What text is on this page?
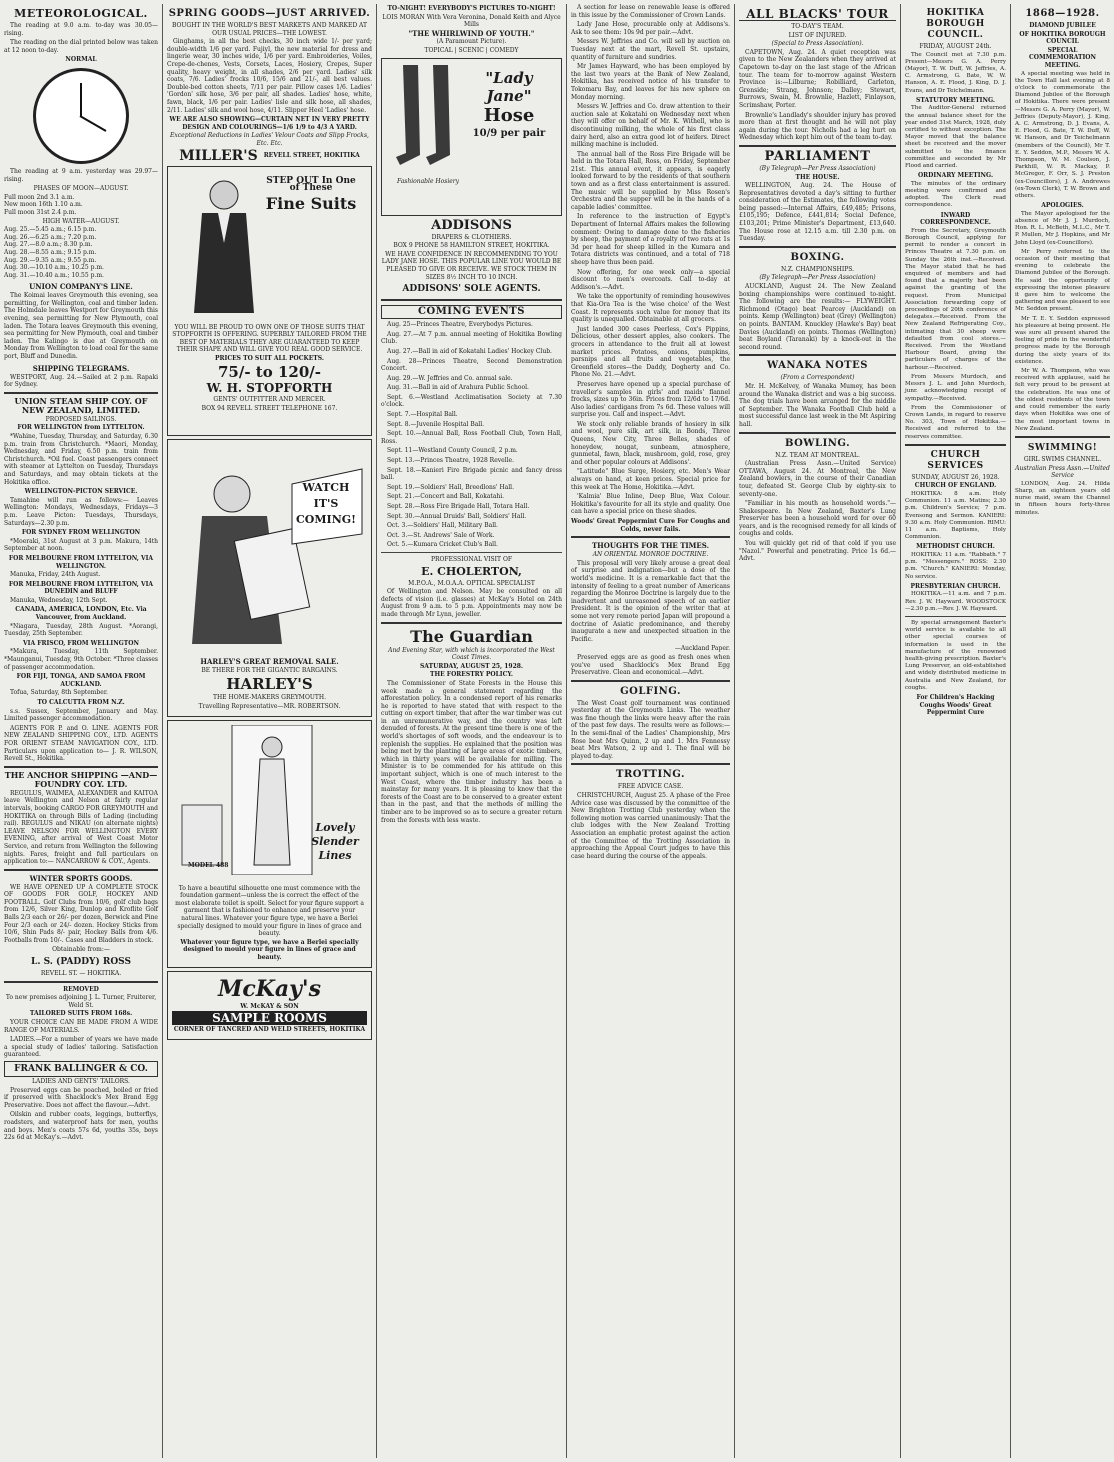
METEOROLOGICAL.

The reading at 9.0 a.m. to-day was 30.05—rising.

The reading on the dial printed below was taken at 12 noon to-day.

NORMAL

The reading at 9 a.m. yesterday was 29.97—rising.

PHASES OF MOON—AUGUST.
Full moon 2nd 3.1 a.m.
New moon 16th 1.10 a.m.
Full moon 31st 2.4 p.m.
HIGH WATER—AUGUST.
Aug. 25.—5.45 a.m.; 6.15 p.m.
Aug. 26.—6.25 a.m.; 7.20 p.m.
Aug. 27.—8.0 a.m.; 8.30 p.m.
Aug. 28.—8.55 a.m.; 9.15 p.m.
Aug. 29.—9.35 a.m.; 9.55 p.m.
Aug. 30.—10.10 a.m.; 10.25 p.m.
Aug. 31.—10.40 a.m.; 10.55 p.m.
UNION COMPANY'S LINE.

The Koimai leaves Greymouth this evening, sea permitting, for Wellington, coal and timber laden. The Holmdale leaves Westport for Greymouth this evening, sea permitting for New Plymouth, coal laden. The Totara leaves Greymouth this evening, sea permitting for New Plymouth, coal and timber laden. The Kalingo is due at Greymouth on Monday from Wellington to load coal for the same port, Bluff and Dunedin.

SHIPPING TELEGRAMS.

WESTPORT, Aug. 24.—Sailed at 2 p.m. Rapaki for Sydney.

UNION STEAM SHIP COY. OF NEW ZEALAND, LIMITED.
PROPOSED SAILINGS.
FOR WELLINGTON from LYTTELTON.

*Wahine, Tuesday, Thursday, and Saturday, 6.30 p.m. train from Christchurch. *Maori, Monday, Wednesday, and Friday, 6.50 p.m. train from Christchurch. *Oil fuel. Coast passengers connect with steamer at Lyttelton on Tuesday, Thursdays and Saturdays, and may obtain tickets at the Hokitika office.

WELLINGTON-PICTON SERVICE.

Tamahine will run as follows:— Leaves Wellington: Mondays, Wednesdays, Fridays—3 p.m. Leave Picton: Tuesdays, Thursdays, Saturdays—2.30 p.m.

FOR SYDNEY FROM WELLINGTON

*Moeraki, 31st August at 3 p.m. Makura, 14th September at noon.

FOR MELBOURNE FROM LYTTELTON, VIA WELLINGTON.

Manuka, Friday, 24th August.

FOR MELBOURNE FROM LYTTELTON, VIA DUNEDIN and BLUFF

Manuka, Wednesday, 12th Sept.

CANADA, AMERICA, LONDON, Etc. Via Vancouver, from Auckland.

*Niagara, Tuesday, 28th August. *Aorangi, Tuesday, 25th September.

VIA FRISCO, FROM WELLINGTON

*Makura, Tuesday, 11th September. *Maunganui, Tuesday, 9th October. *Three classes of passenger accommodation.

FOR FIJI, TONGA, AND SAMOA FROM AUCKLAND.

Tofua, Saturday, 8th September.

TO CALCUTTA FROM N.Z.

s.s. Sussex, September, January and May. Limited passenger accommodation.

AGENTS FOR P. and O. LINE. AGENTS FOR NEW ZEALAND SHIPPING COY., LTD. AGENTS FOR ORIENT STEAM NAVIGATION COY., LTD. Particulars upon application to— J. R. WILSON, Revell St., Hokitika.

THE ANCHOR SHIPPING —AND— FOUNDRY COY. LTD.

REGULUS, WAIMEA, ALEXANDER and KAITOA leave Wellington and Nelson at fairly regular intervals, booking CARGO FOR GREYMOUTH and HOKITIKA on through Bills of Lading (including rail). REGULUS and NIKAU (on alternate nights) LEAVE NELSON FOR WELLINGTON EVERY EVENING, after arrival of West Coast Motor Service, and return from Wellington the following nights. Fares, freight and full particulars on application to:— NANCARROW & COY., Agents.

WINTER SPORTS GOODS.

WE HAVE OPENED UP A COMPLETE STOCK OF GOODS FOR GOLF, HOCKEY AND FOOTBALL. Golf Clubs from 10/6, golf club bags from 12/6, Silver King, Dunlop and Kroflite Golf Balls 2/3 each or 26/- per dozen, Berwick and Pine Four 2/3 each or 24/- dozen. Hockey Sticks from 10/6, Shin Pads 8/- pair, Hockey Balls from 4/6. Footballs from 10/-. Cases and Bladders in stock.

Obtainable from:—
L. S. (PADDY) ROSS
REVELL ST. — HOKITIKA.
REMOVED
To new premises adjoining J. L. Turner, Fruiterer, Weld St.
TAILORED SUITS FROM 168s.

YOUR CHOICE CAN BE MADE FROM A WIDE RANGE OF MATERIALS.

LADIES.—For a number of years we have made a special study of ladies' tailoring. Satisfaction guaranteed.

FRANK BALLINGER & CO.
LADIES AND GENTS' TAILORS.

Preserved eggs can be poached, boiled or fried if preserved with Shacklock's Mex Brand Egg Preservative. Does not affect the flavour.—Advt.

Oilskin and rubber coats, leggings, butterflys, roadsters, and waterproof hats for men, youths and boys. Men's coats 57s 6d, youths 35s, boys 22s 6d at McKay's.—Advt.

SPRING GOODS—JUST ARRIVED.
BOUGHT IN THE WORLD'S BEST MARKETS AND MARKED AT OUR USUAL PRICES—THE LOWEST.

Ginghams, in all the best checks, 30 inch wide 1/- per yard; double-width 1/6 per yard. Fujiyl, the new material for dress and lingerie wear, 30 inches wide, 1/6 per yard. Embroideries, Voiles, Crepe-de-chenes, Vests, Corsets, Laces, Hosiery, Crepes, Super quality, heavy weight, in all shades, 2/6 per yard. Ladies' silk coats, 7/6. Ladies' frocks 10/6, 15/6 and 21/-, all best values. Double-bed cotton sheets, 7/11 per pair. Pillow cases 1/6. Ladies' 'Gordon' silk hose, 3/6 per pair, all shades. Ladies' hose, white, fawn, black, 1/6 per pair. Ladies' lisle and silk hose, all shades, 2/11. Ladies' silk and wool hose, 4/11. Slipper Heel 'Ladies' hose.

WE ARE ALSO SHOWING—CURTAIN NET IN VERY PRETTY DESIGN AND COLOURINGS—1/6 1/9 to 4/3 A YARD.
Exceptional Reductions in Ladies' Velour Coats and Slipp Frocks, Etc. Etc.
MILLER'S REVELL STREET, HOKITIKA
STEP OUT In One of These
Fine Suits
YOU WILL BE PROUD TO OWN ONE OF THOSE SUITS THAT STOPFORTH IS OFFERING. SUPERBLY TAILORED FROM THE BEST OF MATERIALS THEY ARE GUARANTEED TO KEEP THEIR SHAPE AND WILL GIVE YOU REAL GOOD SERVICE.
PRICES TO SUIT ALL POCKETS.
75/- to 120/-
W. H. STOPFORTH
GENTS' OUTFITTER AND MERCER.
BOX 94 REVELL STREET TELEPHONE 167.
WATCH IT'S COMING!
HARLEY'S GREAT REMOVAL SALE.
BE THERE FOR THE GIGANTIC BARGAINS.
HARLEY'S
THE HOME-MAKERS GREYMOUTH.
Travelling Representative—MR. ROBERTSON.
MODEL 488
Lovely Slender Lines
To have a beautiful silhouette one must commence with the foundation garment—unless the is correct the effect of the most elaborate toilet is spoilt. Select for your figure support a garment that is fashioned to enhance and preserve your natural lines. Whatever your figure type, we have a Berlei specially designed to mould your figure in lines of grace and beauty.
Whatever your figure type, we have a Berlei specially designed to mould your figure in lines of grace and beauty.
McKay's
W. McKAY & SON
SAMPLE ROOMS
CORNER OF TANCRED AND WELD STREETS, HOKITIKA
TO-NIGHT! EVERYBODY'S PICTURES TO-NIGHT!
LOIS MORAN With Vera Veronina, Donald Keith and Alyce Mills
"THE WHIRLWIND OF YOUTH."
(A Paramount Picture).
TOPICAL | SCENIC | COMEDY
Fashionable Hosiery
"Lady Jane"
Hose
10/9 per pair
ADDISONS
DRAPERS & CLOTHIERS.
BOX 9 PHONE 58 HAMILTON STREET, HOKITIKA.
WE HAVE CONFIDENCE IN RECOMMENDING TO YOU LADY JANE HOSE. THIS POPULAR LINE YOU WOULD BE PLEASED TO GIVE OR RECEIVE. WE STOCK THEM IN SIZES 8½ INCH TO 10 INCH.
ADDISONS' SOLE AGENTS.
COMING EVENTS

Aug. 25—Princes Theatre, Everybodys Pictures.

Aug. 27.—At 7 p.m. annual meeting of Hokitika Bowling Club.

Aug. 27.—Ball in aid of Kokatahi Ladies' Hockey Club.

Aug. 28—Princes Theatre, Second Demonstration Concert.

Aug. 29.—W. Jeffries and Co. annual sale.

Aug. 31.—Ball in aid of Arahura Public School.

Sept. 6.—Westland Acclimatisation Society at 7.30 o'clock.

Sept. 7.—Hospital Ball.

Sept. 8.—Juvenile Hospital Ball.

Sept. 10.—Annual Ball, Ross Football Club, Town Hall, Ross.

Sept. 11—Westland County Council, 2 p.m.

Sept. 13.—Princes Theatre, 1928 Revelle.

Sept. 18.—Kanieri Fire Brigade picnic and fancy dress ball.

Sept. 19.—Soldiers' Hall, Breedlons' Hall.

Sept. 21.—Concert and Ball, Kokatahi.

Sept. 28.—Ross Fire Brigade Hall, Totara Hall.

Sept. 30.—Annual Druids' Ball, Soldiers' Hall.

Oct. 3.—Soldiers' Hall, Military Ball.

Oct. 3.—St. Andrews' Sale of Work.

Oct. 5.—Kumara Cricket Club's Ball.

PROFESSIONAL VISIT OF
E. CHOLERTON,
M.P.O.A., M.O.A.A. OPTICAL SPECIALIST

Of Wellington and Nelson. May be consulted on all defects of vision (i.e. glasses) at McKay's Hotel on 24th August from 9 a.m. to 5 p.m. Appointments may now be made through Mr Lynn, jeweller.

The Guardian
And Evening Star, with which is incorporated the West Coast Times.
SATURDAY, AUGUST 25, 1928.
THE FORESTRY POLICY.

The Commissioner of State Forests in the House this week made a general statement regarding the afforestation policy. In a condensed report of his remarks he is reported to have stated that with respect to the cutting on export timber, that after the war timber was cut in an unremunerative way, and the country was left denuded of forests. At the present time there is one of the world's shortages of soft woods, and the endeavour is to replenish the supplies. He explained that the position was being met by the planting of large areas of exotic timbers, which in thirty years will be available for milling. The Minister is to be commended for his attitude on this important subject, which is one of much interest to the West Coast, where the timber industry has been a mainstay for many years. It is pleasing to know that the forests of the Coast are to be conserved to a greater extent than in the past, and that the methods of milling the timber are to be improved so as to secure a greater return from the forests with less waste.

A section for lease on renewable lease is offered in this issue by the Commissioner of Crown Lands.

Lady Jane Hose, procurable only at Addisons's. Ask to see them: 10s 9d per pair.—Advt.

Messrs W. Jeffries and Co. will sell by auction on Tuesday next at the mart, Revell St. upstairs, quantity of furniture and sundries.

Mr James Hayward, who has been employed by the last two years at the Bank of New Zealand, Hokitika, has received notice of his transfer to Tokomaru Bay, and leaves for his new sphere on Monday morning.

Messrs W. Jeffries and Co. draw attention to their auction sale at Kokatahi on Wednesday next when they will offer on behalf of Mr. K. Withell, who is discontinuing milking, the whole of his first class dairy herd, also an extra good lot of heifers. Direct milking machine is included.

The annual ball of the Ross Fire Brigade will be held in the Totara Hall, Ross, on Friday, September 21st. This annual event, it appears, is eagerly looked forward to by the residents of that southern town and as a first class entertainment is assured. The music will be supplied by Miss Rosen's Orchestra and the supper will be in the hands of a capable ladies' committee.

In reference to the instruction of Egypt's Department of Internal Affairs makes the following comment: Owing to damage done to the fisheries by sheep, the payment of a royalty of two rats at 1s 3d per head for sheep killed in the Kumara and Totara districts was continued, and a total of 718 sheep have thus been paid.

Now offering, for one week only—a special discount to men's overcoats. Call to-day at Addison's.—Advt.

We take the opportunity of reminding housewives that Kia-Ora Tea is the 'wise choice' of the West Coast. It represents such value for money that its quality is unequalled. Obtainable at all grocers.

Just landed 300 cases Peerless, Cox's Pippins, Delicious, other dessert apples, also cookers. The grocers in attendance to the fruit all at lowest market prices. Potatoes, onions, pumpkins, parsnips and all fruits and vegetables, the Greenfield stores—the Daddy, Dogherty and Co. Phone No. 21.—Advt.

Preserves have opened up a special purchase of traveller's samples in girls' and maids' flannel frocks, sizes up to 36in. Prices from 12/6d to 17/6d. Also ladies' cardigans from 7s 6d. These values will surprise you. Call and inspect.—Advt.

We stock only reliable brands of hosiery in silk and wool, pure silk, art silk, in Bonds, Three Queens, New City, Three Belles, shades of honeydew, nougat, sunbeam, atmosphere, gunmetal, fawn, black, mushroom, gold, rose, grey and other popular colours at Addisons'.

"Latitude" Blue Surge, Hosiery, etc. Men's Wear always on hand, at keen prices. Special price for this week at The Home, Hokitika.—Advt.

'Kalmia' Blue Inline, Deep Blue, Wax Colour. Hokitika's favourite for all its style and quality. One can have a special price on these shades.

Woods' Great Peppermint Cure For Coughs and Colds, never fails.
THOUGHTS FOR THE TIMES.
AN ORIENTAL MONROE DOCTRINE.

This proposal will very likely arouse a great deal of surprise and indignation—but a dose of the world's medicine. It is a remarkable fact that the intensity of feeling to a great number of Americans regarding the Monroe Doctrine is largely due to the inadvertent and unreasoned speech of an earlier President. It is the opinion of the writer that at some not very remote period Japan will propound a doctrine of Asiatic predominance, and thereby inaugurate a new and unexpected situation in the Pacific.

—Auckland Paper.

Preserved eggs are as good as fresh ones when you've used Shacklock's Mex Brand Egg Preservative. Clean and economical.—Advt.

GOLFING.

The West Coast golf tournament was continued yesterday at the Greymouth Links. The weather was fine though the links were heavy after the rain of the past few days. The results were as follows:— In the semi-final of the Ladies' Championship, Mrs Rose beat Mrs Quinn, 2 up and 1. Mrs Fennessy beat Mrs Watson, 2 up and 1. The final will be played to-day.

TROTTING.
FREE ADVICE CASE.

CHRISTCHURCH, August 25. A phase of the Free Advice case was discussed by the committee of the New Brighton Trotting Club yesterday when the following motion was carried unanimously: That the club lodges with the New Zealand Trotting Association an emphatic protest against the action of the Committee of the Trotting Association in approaching the Appeal Court judges to have this case heard during the course of the appeals.

ALL BLACKS' TOUR
TO-DAY'S TEAM.
LIST OF INJURED.
(Special to Press Association).

CAPETOWN, Aug. 24. A quiet reception was given to the New Zealanders when they arrived at Capetown to-day on the last stage of the African tour. The team for to-morrow against Western Province is:—Lilburne; Robilliard, Carleton, Grenside; Strang, Johnson; Dalley; Stewart, Burrows, Swain, M. Brownlie, Hazlett, Finlayson, Scrimshaw, Porter.

Brownlie's Landlady's shoulder injury has proved more than at first thought and he will not play again during the tour. Nicholls had a leg hurt on Wednesday which kept him out of the team to-day.

PARLIAMENT
(By Telegraph—Per Press Association)
THE HOUSE.

WELLINGTON, Aug. 24. The House of Representatives devoted a day's sitting to further consideration of the Estimates, the following votes being passed:—Internal Affairs, £49,485; Prisons, £105,195; Defence, £441,814; Social Defence, £103,201; Prime Minister's Department, £13,640. The House rose at 12.15 a.m. till 2.30 p.m. on Tuesday.

BOXING.
N.Z. CHAMPIONSHIPS.
(By Telegraph—Per Press Association)

AUCKLAND, August 24. The New Zealand boxing championships were continued to-night. The following are the results:— FLYWEIGHT. Richmond (Otago) beat Pearcey (Auckland) on points. Kemp (Wellington) beat (Grey) (Wellington) on points. BANTAM. Knuckley (Hawke's Bay) beat Davies (Auckland) on points. Thomas (Wellington) beat Boyland (Taranaki) by a knock-out in the second round.

WANAKA NOTES
(From a Correspondent)

Mr. H. McKelvey, of Wanaka Mumey, has been around the Wanaka district and was a big success. The dog trials have been arranged for the middle of September. The Wanaka Football Club held a most successful dance last week in the Mt Aspiring hall.

BOWLING.
N.Z. TEAM AT MONTREAL.

(Australian Press Assn.—United Service) OTTAWA, August 24. At Montreal, the New Zealand bowlers, in the course of their Canadian tour, defeated St. George Club by eighty-six to seventy-one.

"Familiar in his mouth as household words."—Shakespeare. In New Zealand, Baxter's Lung Preserver has been a household word for over 60 years, and is the recognised remedy for all kinds of coughs and colds.

You will quickly get rid of that cold if you use "Nazol." Powerful and penetrating. Price 1s 6d.—Advt.

HOKITIKA BOROUGH COUNCIL.
FRIDAY, AUGUST 24th.

The Council met at 7.30 p.m. Present—Messrs G. A. Perry (Mayor), T. W. Duff, W. Jeffries, A. C. Armstrong, G. Bate, W. W. Hanson, A. E. Flood, J. King, D. J. Evans, and Dr Teichelmann.

STATUTORY MEETING.

The Auditor-General returned the annual balance sheet for the year ended 31st March, 1928, duly certified to without exception. The Mayor moved that the balance sheet be received and the mover submitted to the finance committee and seconded by Mr Flood and carried.

ORDINARY MEETING.

The minutes of the ordinary meeting were confirmed and adopted. The Clerk read correspondence.

INWARD CORRESPONDENCE.

From the Secretary, Greymouth Borough Council, applying for permit to render a concert in Princes Theatre at 7.30 p.m. on Sunday the 26th inst.—Received. The Mayor stated that he had enquired of members and had found that a majority had been against the granting of the request. From Municipal Association forwarding copy of proceedings of 20th conference of delegates.—Received. From the New Zealand Refrigerating Coy., intimating that 30 sheep were defaulted from cool stores.—Received. From the Westland Harbour Board, giving the particulars of charges of the harbour.—Received.

From Messrs Murdoch, and Messrs J. L. and John Murdoch, junr. acknowledging receipt of sympathy.—Received.

From the Commissioner of Crown Lands, in regard to reserve No. 303, Town of Hokitika.—Received and referred to the reserves committee.

CHURCH SERVICES
SUNDAY, AUGUST 26, 1928.
CHURCH OF ENGLAND.

HOKITIKA: 8 a.m. Holy Communion. 11 a.m. Matins; 2.30 p.m. Children's Service; 7 p.m. Evensong and Sermon. KANIERI: 9.30 a.m. Holy Communion. RIMU: 11 a.m. Baptisms, Holy Communion.

METHODIST CHURCH.

HOKITIKA: 11 a.m. "Rabbath." 7 p.m. "Messengers." ROSS: 2.30 p.m. "Church." KANIERI: Monday, No service.

PRESBYTERIAN CHURCH.

HOKITIKA.—11 a.m. and 7 p.m. Rev. J. W. Hayward. WOODSTOCK—2.30 p.m.—Rev. J. W. Hayward.

By special arrangement Baxter's world service is available to all other special courses of information is used in the manufacture of the renowned health-giving prescription. Baxter's Lung Preserver, an old-established and widely distributed medicine in Australia and New Zealand, for coughs.

For Children's Hacking Coughs Woods' Great Peppermint Cure
1868—1928.
DIAMOND JUBILEE
OF HOKITIKA BOROUGH COUNCIL
SPECIAL COMMEMORATION MEETING.

A special meeting was held in the Town Hall last evening at 8 o'clock to commemorate the Diamond Jubilee of the Borough of Hokitika. There were present—Messrs G. A. Perry (Mayor), W. Jeffries (Deputy-Mayor), J. King, A. C. Armstrong, D. J. Evans, A. E. Flood, G. Bate, T. W. Duff, W. W. Hanson, and Dr Teichelmann (members of the Council), Mr T. E. Y. Seddon, M.P., Messrs W. A. Thompson, W. M. Coulson, J. Parkhill, W. R. Mackay, P. McGregor, F. Orr, S. J. Preston (ex-Councillors), J. A. Andrewes (ex-Town Clerk), T. W. Brown and others.

APOLOGIES.

The Mayor apologised for the absence of Mr J. J. Murdoch, Hon. R. L. McBeth, M.L.C., Mr T. P. Mullen, Mr J. Hopkins, and Mr John Lloyd (ex-Councillors).

Mr Perry referred to the occasion of their meeting that evening to celebrate the Diamond Jubilee of the Borough. He said the opportunity of expressing the intense pleasure it gave him to welcome the gathering and was pleased to see Mr. Seddon present.

Mr T. E. Y. Seddon expressed his pleasure at being present. He was sure all present shared the feeling of pride in the wonderful progress made by the Borough during the sixty years of its existence.

Mr W. A. Thompson, who was received with applause, said he felt very proud to be present at the celebration. He was one of the oldest residents of the town and could remember the early days when Hokitika was one of the most important towns in New Zealand.

SWIMMING!
GIRL SWIMS CHANNEL.
Australian Press Assn.—United Service

LONDON, Aug. 24. Hilda Sharp, an eighteen years old nurse maid, swam the Channel in fifteen hours forty-three minutes.
